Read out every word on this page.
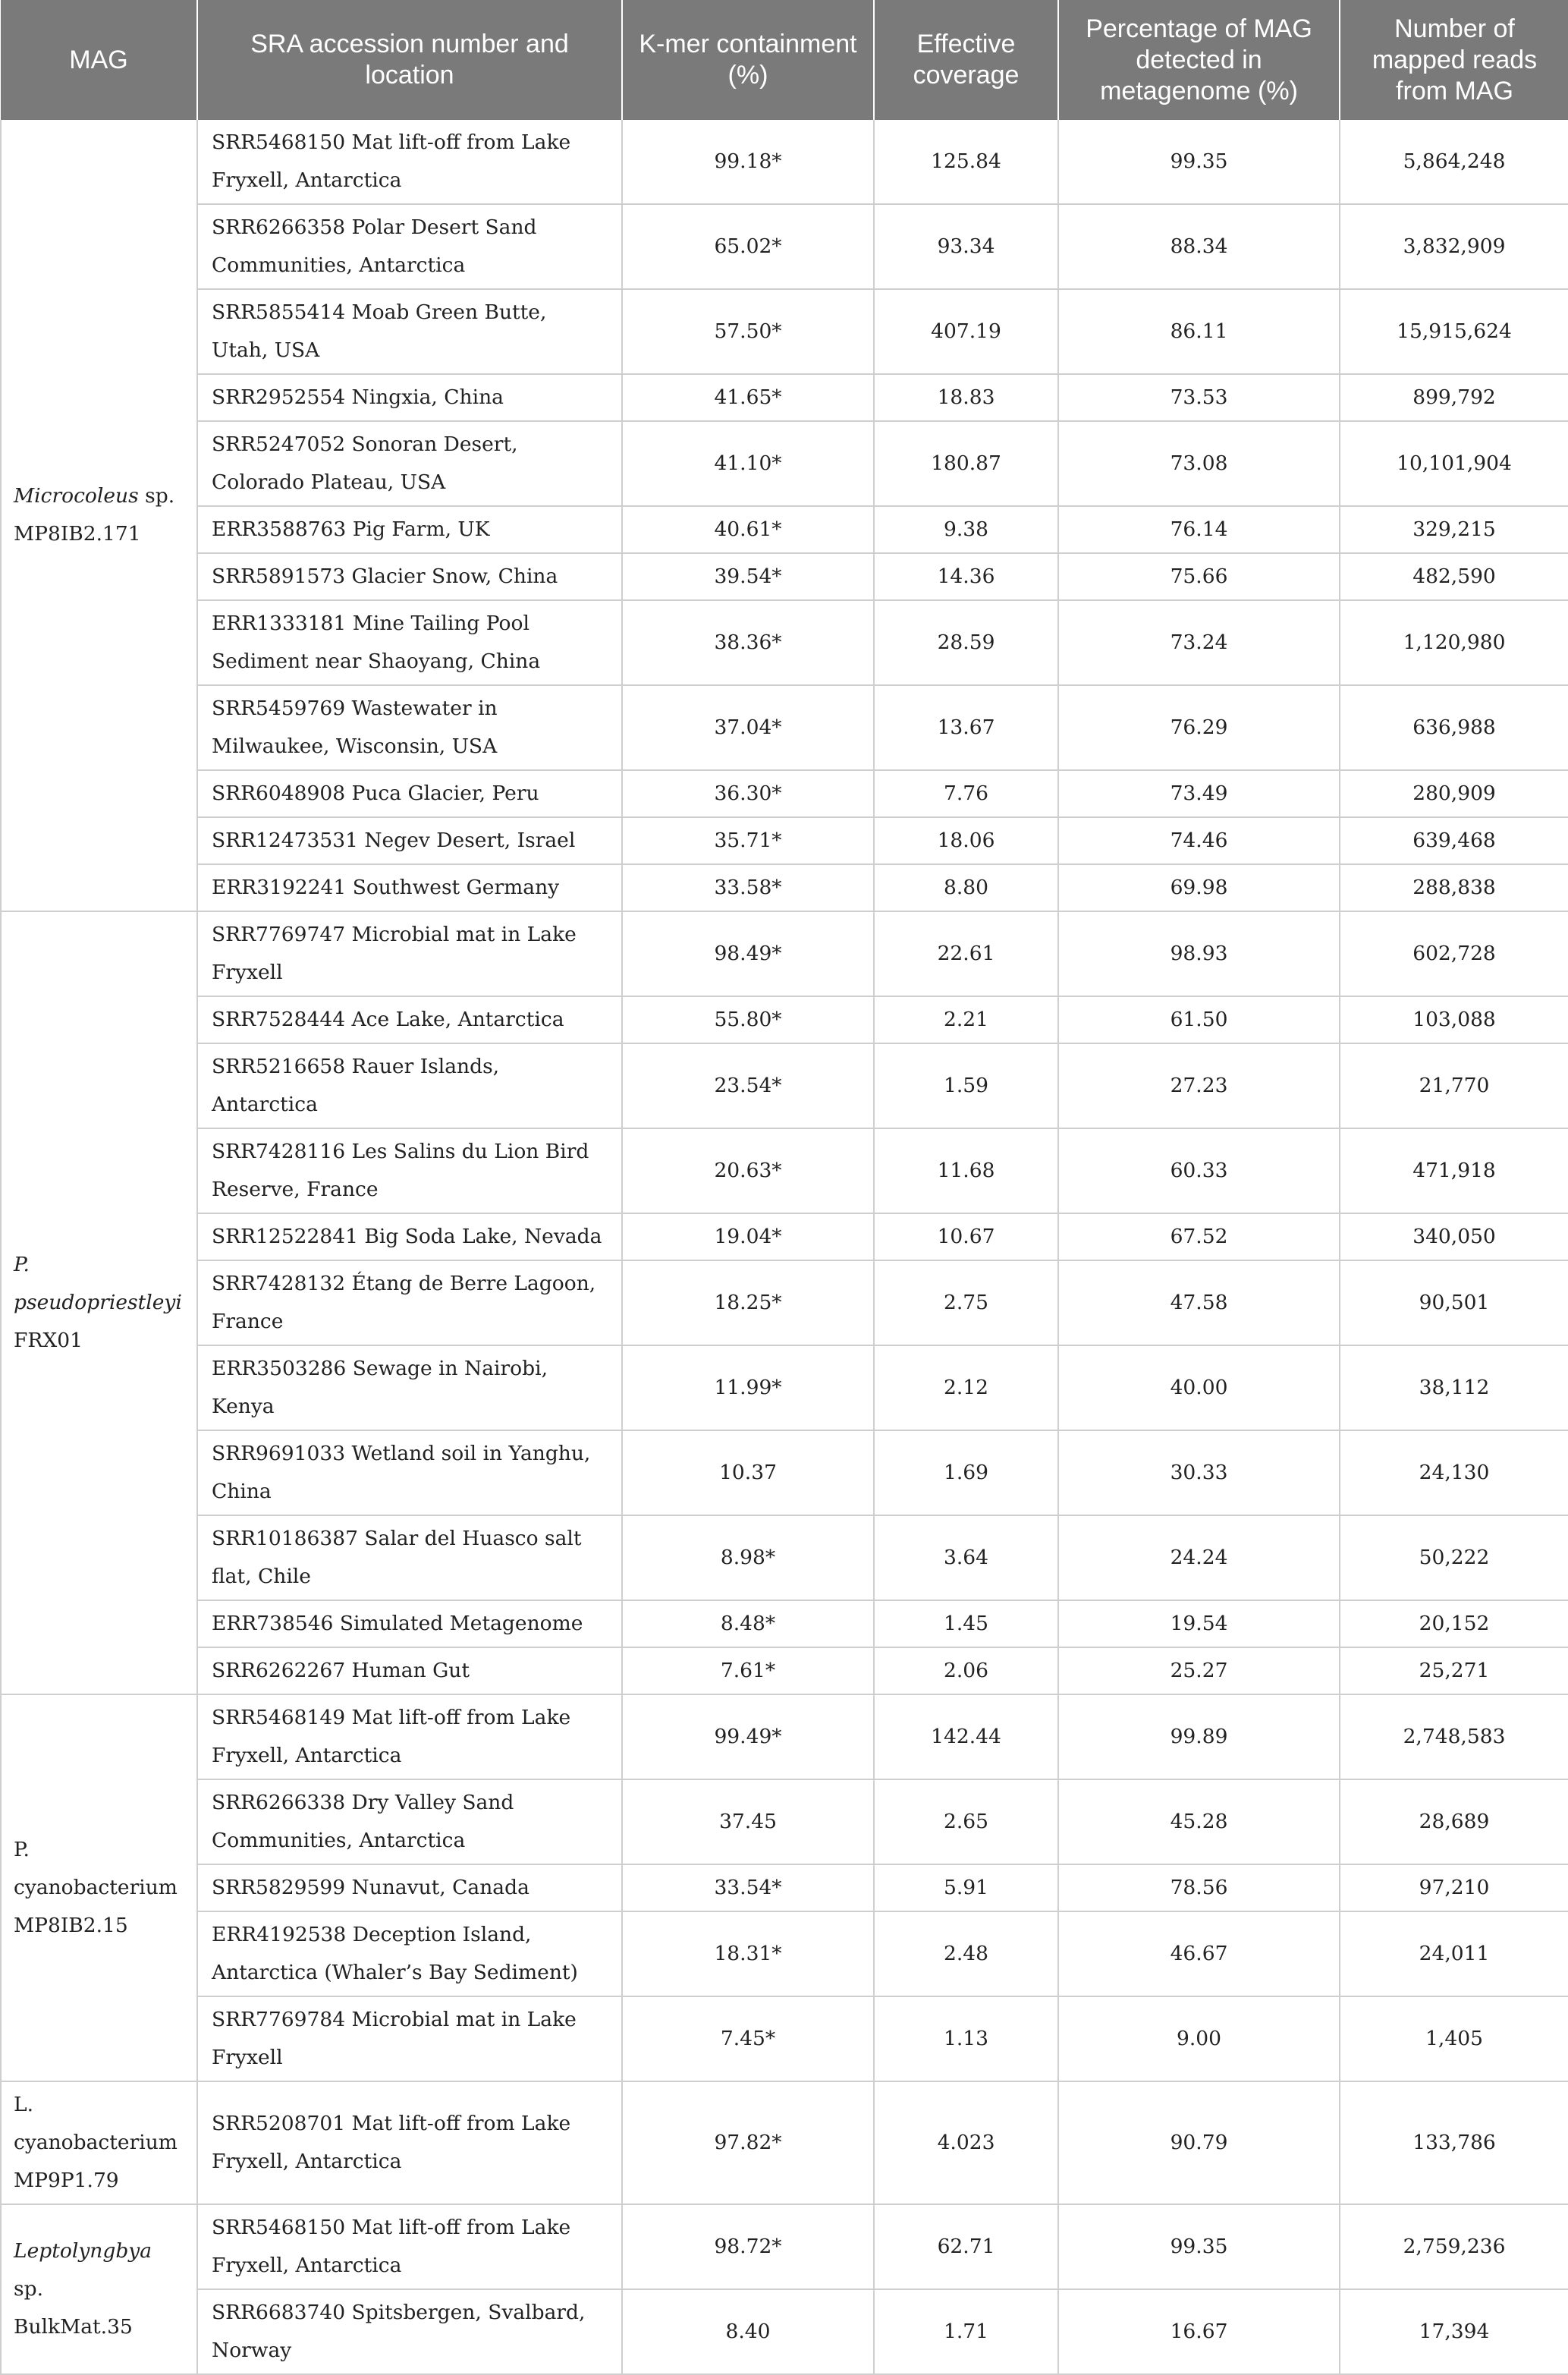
MAG	SRA accession number and location	K-mer containment (%)	Effective coverage	Percentage of MAG detected in metagenome (%)	Number of mapped reads from MAG
Microcoleus sp.
MP8IB2.171	SRR5468150 Mat lift-off from Lake Fryxell, Antarctica	99.18*	125.84	99.35	5,864,248
	SRR6266358 Polar Desert Sand Communities, Antarctica	65.02*	93.34	88.34	3,832,909
	SRR5855414 Moab Green Butte, Utah, USA	57.50*	407.19	86.11	15,915,624
	SRR2952554 Ningxia, China	41.65*	18.83	73.53	899,792
	SRR5247052 Sonoran Desert, Colorado Plateau, USA	41.10*	180.87	73.08	10,101,904
	ERR3588763 Pig Farm, UK	40.61*	9.38	76.14	329,215
	SRR5891573 Glacier Snow, China	39.54*	14.36	75.66	482,590
	ERR1333181 Mine Tailing Pool Sediment near Shaoyang, China	38.36*	28.59	73.24	1,120,980
	SRR5459769 Wastewater in Milwaukee, Wisconsin, USA	37.04*	13.67	76.29	636,988
	SRR6048908 Puca Glacier, Peru	36.30*	7.76	73.49	280,909
	SRR12473531 Negev Desert, Israel	35.71*	18.06	74.46	639,468
	ERR3192241 Southwest Germany	33.58*	8.80	69.98	288,838
P. pseudopriestleyi
FRX01	SRR7769747 Microbial mat in Lake Fryxell	98.49*	22.61	98.93	602,728
	SRR7528444 Ace Lake, Antarctica	55.80*	2.21	61.50	103,088
	SRR5216658 Rauer Islands, Antarctica	23.54*	1.59	27.23	21,770
	SRR7428116 Les Salins du Lion Bird Reserve, France	20.63*	11.68	60.33	471,918
	SRR12522841 Big Soda Lake, Nevada	19.04*	10.67	67.52	340,050
	SRR7428132 Étang de Berre Lagoon, France	18.25*	2.75	47.58	90,501
	ERR3503286 Sewage in Nairobi, Kenya	11.99*	2.12	40.00	38,112
	SRR9691033 Wetland soil in Yanghu, China	10.37	1.69	30.33	24,130
	SRR10186387 Salar del Huasco salt flat, Chile	8.98*	3.64	24.24	50,222
	ERR738546 Simulated Metagenome	8.48*	1.45	19.54	20,152
	SRR6262267 Human Gut	7.61*	2.06	25.27	25,271
P. cyanobacterium
MP8IB2.15	SRR5468149 Mat lift-off from Lake Fryxell, Antarctica	99.49*	142.44	99.89	2,748,583
	SRR6266338 Dry Valley Sand Communities, Antarctica	37.45	2.65	45.28	28,689
	SRR5829599 Nunavut, Canada	33.54*	5.91	78.56	97,210
	ERR4192538 Deception Island, Antarctica (Whaler’s Bay Sediment)	18.31*	2.48	46.67	24,011
	SRR7769784 Microbial mat in Lake Fryxell	7.45*	1.13	9.00	1,405
L. cyanobacterium
MP9P1.79	SRR5208701 Mat lift-off from Lake Fryxell, Antarctica	97.82*	4.023	90.79	133,786
Leptolyngbya sp.
BulkMat.35	SRR5468150 Mat lift-off from Lake Fryxell, Antarctica	98.72*	62.71	99.35	2,759,236
	SRR6683740 Spitsbergen, Svalbard, Norway	8.40	1.71	16.67	17,394
